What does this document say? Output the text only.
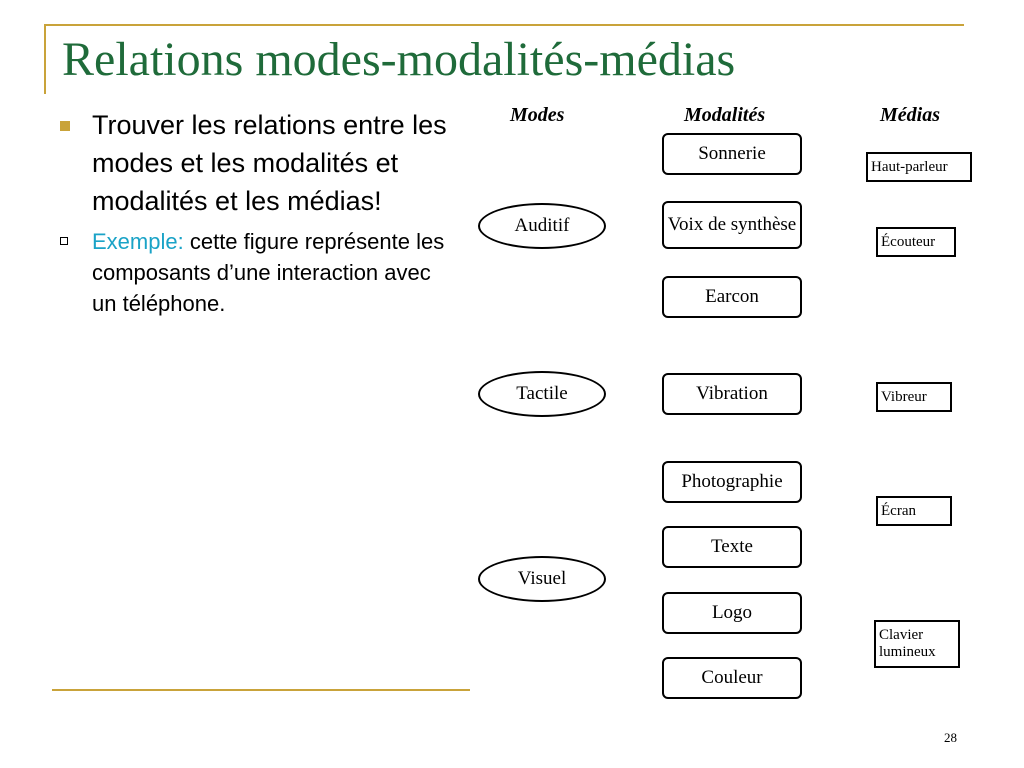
Relations modes-modalités-médias
Trouver les relations entre les modes et les modalités et modalités et les médias!
Exemple: cette figure représente les composants d’une interaction avec un téléphone.
Modes	Modalités	Médias
Auditif
Tactile
Visuel
Sonnerie
Voix de synthèse
Earcon
Vibration
Photographie
Texte
Logo
Couleur
Haut-parleur
Écouteur
Vibreur
Écran
Clavier lumineux
28
